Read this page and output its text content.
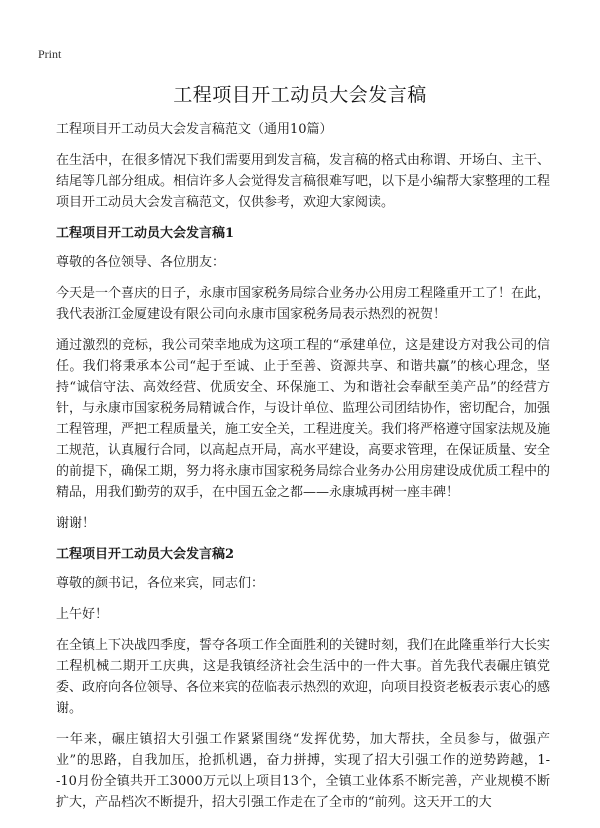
Print
工程项目开工动员大会发言稿

工程项目开工动员大会发言稿范文（通用10篇）

在生活中，在很多情况下我们需要用到发言稿，发言稿的格式由称谓、开场白、主干、结尾等几部分组成。相信许多人会觉得发言稿很难写吧，以下是小编帮大家整理的工程项目开工动员大会发言稿范文，仅供参考，欢迎大家阅读。

工程项目开工动员大会发言稿1

尊敬的各位领导、各位朋友：

今天是一个喜庆的日子，永康市国家税务局综合业务办公用房工程隆重开工了！在此，我代表浙江金厦建设有限公司向永康市国家税务局表示热烈的祝贺！

通过激烈的竞标，我公司荣幸地成为这项工程的“承建单位，这是建设方对我公司的信任。我们将秉承本公司“起于至诚、止于至善、资源共享、和谐共赢”的核心理念，坚持“诚信守法、高效经营、优质安全、环保施工、为和谐社会奉献至美产品”的经营方针，与永康市国家税务局精诚合作，与设计单位、监理公司团结协作，密切配合，加强工程管理，严把工程质量关，施工安全关，工程进度关。我们将严格遵守国家法规及施工规范，认真履行合同，以高起点开局，高水平建设，高要求管理，在保证质量、安全的前提下，确保工期，努力将永康市国家税务局综合业务办公用房建设成优质工程中的精品，用我们勤劳的双手，在中国五金之都——永康城再树一座丰碑！

谢谢！

工程项目开工动员大会发言稿2

尊敬的颜书记，各位来宾，同志们：

上午好！

在全镇上下决战四季度，誓夺各项工作全面胜利的关键时刻，我们在此隆重举行大长实工程机械二期开工庆典，这是我镇经济社会生活中的一件大事。首先我代表碾庄镇党委、政府向各位领导、各位来宾的莅临表示热烈的欢迎，向项目投资老板表示衷心的感谢。

一年来，碾庄镇招大引强工作紧紧围绕“发挥优势，加大帮扶，全员参与，做强产业”的思路，自我加压，抢抓机遇，奋力拼搏，实现了招大引强工作的逆势跨越，1--10月份全镇共开工3000万元以上项目13个，全镇工业体系不断完善，产业规模不断扩大，产品档次不断提升，招大引强工作走在了全市的“前列。这天开工的大
